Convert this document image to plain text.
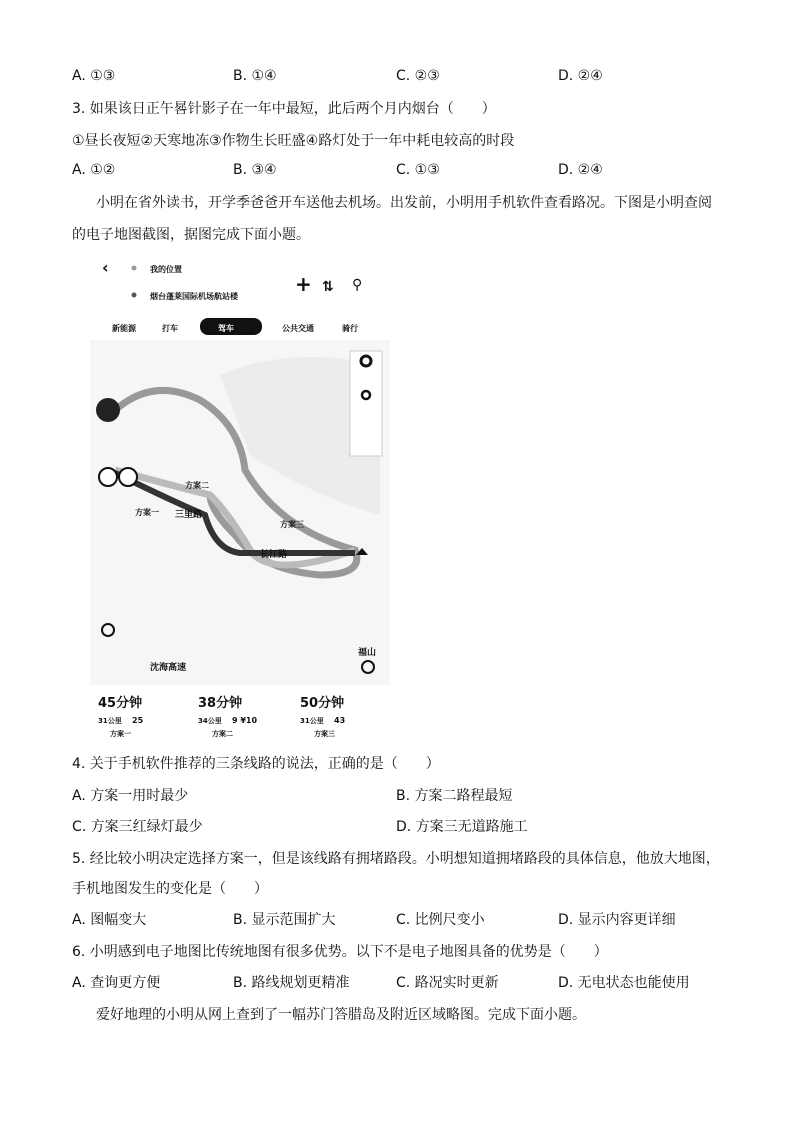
A. ①③	B. ①④	C. ②③	D. ②④
3. 如果该日正午晷针影子在一年中最短，此后两个月内烟台（　　）
①昼长夜短②天寒地冻③作物生长旺盛④路灯处于一年中耗电较高的时段
A. ①②	B. ③④	C. ①③	D. ②④
小明在省外读书，开学季爸爸开车送他去机场。出发前，小明用手机软件查看路况。下图是小明查阅
的电子地图截图，据图完成下面小题。
‹	我的位置
烟台蓬莱国际机场航站楼
+ ⇅ ⚲
新能源	打车	驾车	公共交通	骑行
方案一
方案二
方案三
三里路
长江路
沈海高速
福山
45分钟
31公里 25
方案一
38分钟
34公里 9 ¥10
方案二
50分钟
31公里 43
方案三
4. 关于手机软件推荐的三条线路的说法，正确的是（　　）
A. 方案一用时最少	B. 方案二路程最短
C. 方案三红绿灯最少	D. 方案三无道路施工
5. 经比较小明决定选择方案一，但是该线路有拥堵路段。小明想知道拥堵路段的具体信息，他放大地图，
手机地图发生的变化是（　　）
A. 图幅变大	B. 显示范围扩大	C. 比例尺变小	D. 显示内容更详细
6. 小明感到电子地图比传统地图有很多优势。以下不是电子地图具备的优势是（　　）
A. 查询更方便	B. 路线规划更精准	C. 路况实时更新	D. 无电状态也能使用
爱好地理的小明从网上查到了一幅苏门答腊岛及附近区域略图。完成下面小题。
